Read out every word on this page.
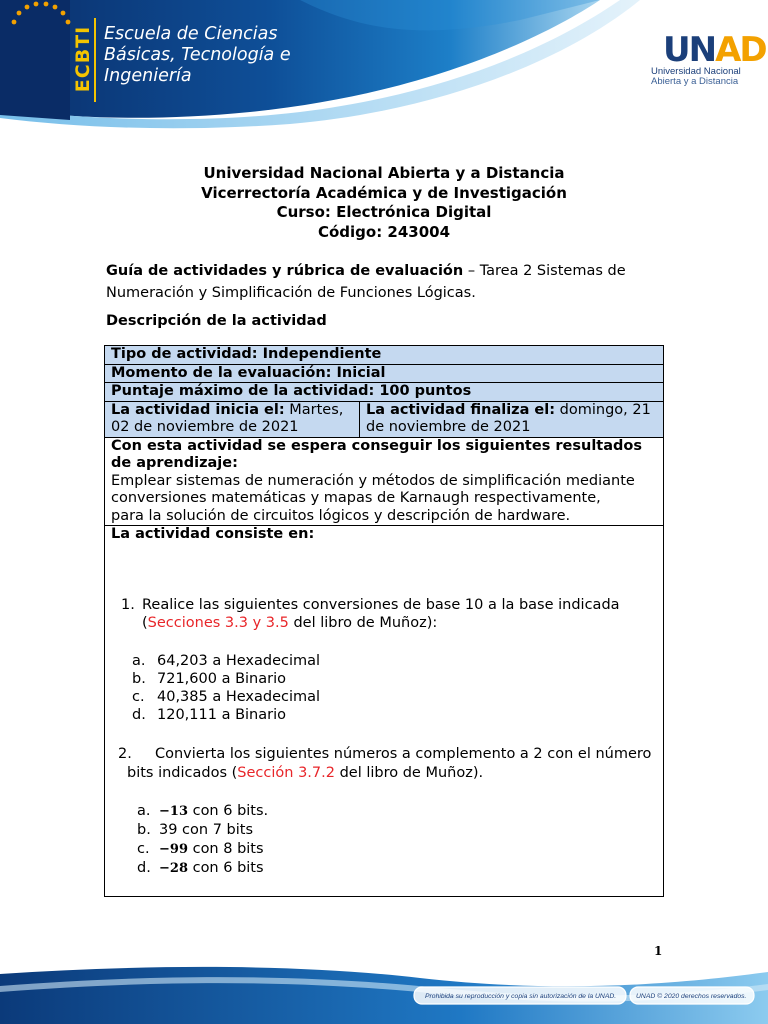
ECBTI Escuela de Ciencias
Básicas, Tecnología e
Ingeniería
UNAD
Universidad Nacional
Abierta y a Distancia
Universidad Nacional Abierta y a Distancia
Vicerrectoría Académica y de Investigación
Curso: Electrónica Digital
Código: 243004
Guía de actividades y rúbrica de evaluación – Tarea 2 Sistemas de Numeración y Simplificación de Funciones Lógicas.
Descripción de la actividad
Tipo de actividad: Independiente
Momento de la evaluación: Inicial
Puntaje máximo de la actividad: 100 puntos
La actividad inicia el: Martes, 02 de noviembre de 2021
La actividad finaliza el: domingo, 21 de noviembre de 2021
Con esta actividad se espera conseguir los siguientes resultados de aprendizaje:
Emplear sistemas de numeración y métodos de simplificación mediante
conversiones matemáticas y mapas de Karnaugh respectivamente,
para la solución de circuitos lógicos y descripción de hardware.
La actividad consiste en:
1. Realice las siguientes conversiones de base 10 a la base indicada
(Secciones 3.3 y 3.5 del libro de Muñoz):
a. 64,203 a Hexadecimal
b. 721,600 a Binario
c. 40,385 a Hexadecimal
d. 120,111 a Binario
2. Convierta los siguientes números a complemento a 2 con el número
bits indicados (Sección 3.7.2 del libro de Muñoz).
a. −13 con 6 bits.
b. 39 con 7 bits
c. −99 con 8 bits
d. −28 con 6 bits
1
Prohibida su reproducción y copia sin autorización de la UNAD.	UNAD © 2020 derechos reservados.
